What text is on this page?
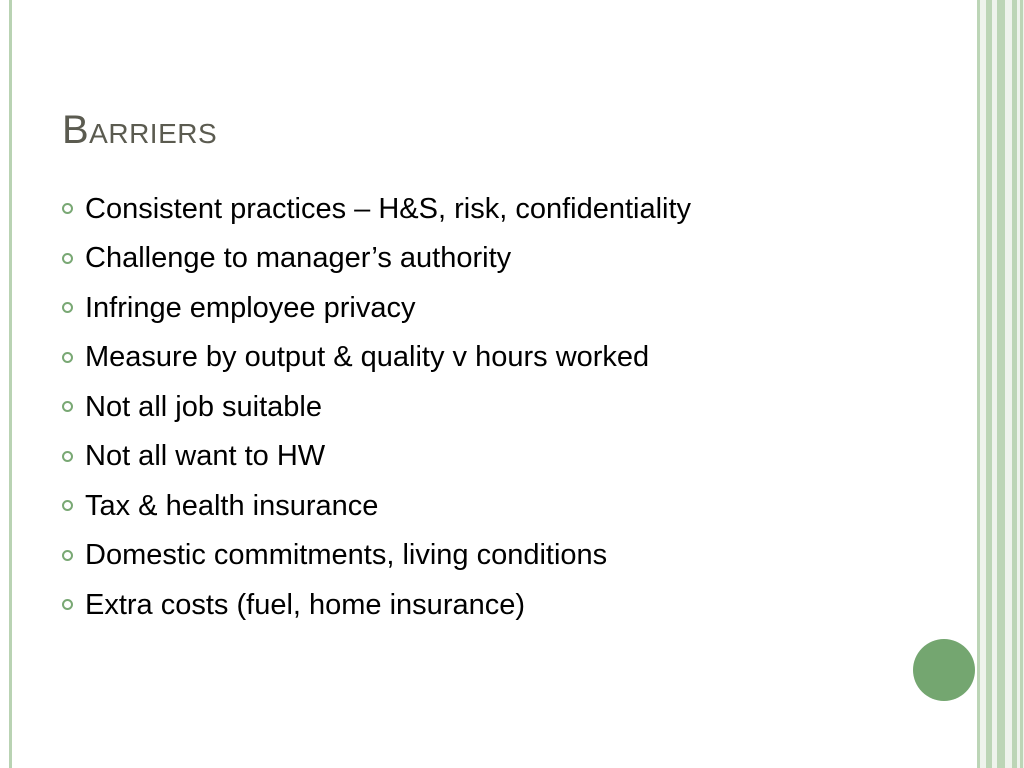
Barriers
Consistent practices – H&S, risk, confidentiality
Challenge to manager’s authority
Infringe employee privacy
Measure by output & quality v hours worked
Not all job suitable
Not all want to HW
Tax & health insurance
Domestic commitments, living conditions
Extra costs (fuel, home insurance)
